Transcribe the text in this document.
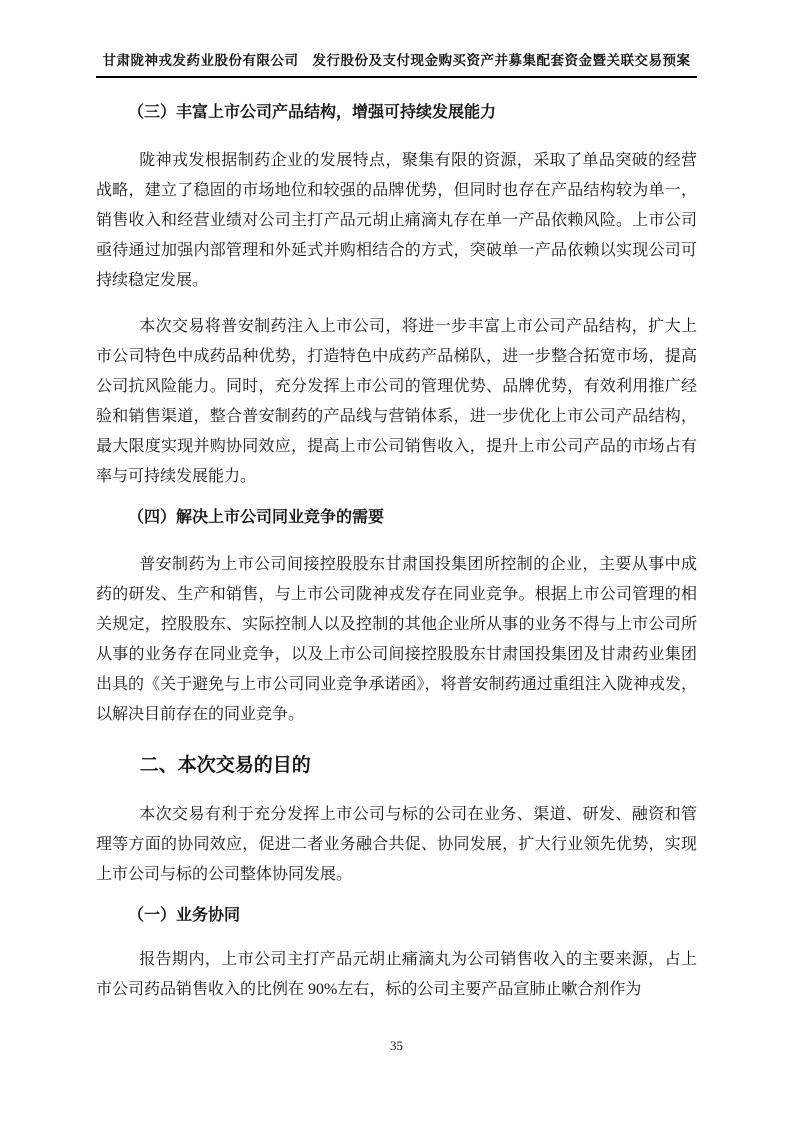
甘肃陇神戎发药业股份有限公司　发行股份及支付现金购买资产并募集配套资金暨关联交易预案
（三）丰富上市公司产品结构，增强可持续发展能力

陇神戎发根据制药企业的发展特点，聚集有限的资源，采取了单品突破的经营战略，建立了稳固的市场地位和较强的品牌优势，但同时也存在产品结构较为单一，销售收入和经营业绩对公司主打产品元胡止痛滴丸存在单一产品依赖风险。上市公司亟待通过加强内部管理和外延式并购相结合的方式，突破单一产品依赖以实现公司可持续稳定发展。

本次交易将普安制药注入上市公司，将进一步丰富上市公司产品结构，扩大上市公司特色中成药品种优势，打造特色中成药产品梯队，进一步整合拓宽市场，提高公司抗风险能力。同时，充分发挥上市公司的管理优势、品牌优势，有效利用推广经验和销售渠道，整合普安制药的产品线与营销体系，进一步优化上市公司产品结构，最大限度实现并购协同效应，提高上市公司销售收入，提升上市公司产品的市场占有率与可持续发展能力。

（四）解决上市公司同业竞争的需要

普安制药为上市公司间接控股股东甘肃国投集团所控制的企业，主要从事中成药的研发、生产和销售，与上市公司陇神戎发存在同业竞争。根据上市公司管理的相关规定，控股股东、实际控制人以及控制的其他企业所从事的业务不得与上市公司所从事的业务存在同业竞争，以及上市公司间接控股股东甘肃国投集团及甘肃药业集团出具的《关于避免与上市公司同业竞争承诺函》，将普安制药通过重组注入陇神戎发，以解决目前存在的同业竞争。

二、本次交易的目的

本次交易有利于充分发挥上市公司与标的公司在业务、渠道、研发、融资和管理等方面的协同效应，促进二者业务融合共促、协同发展，扩大行业领先优势，实现上市公司与标的公司整体协同发展。

（一）业务协同

报告期内，上市公司主打产品元胡止痛滴丸为公司销售收入的主要来源，占上市公司药品销售收入的比例在 90%左右，标的公司主要产品宣肺止嗽合剂作为

35
